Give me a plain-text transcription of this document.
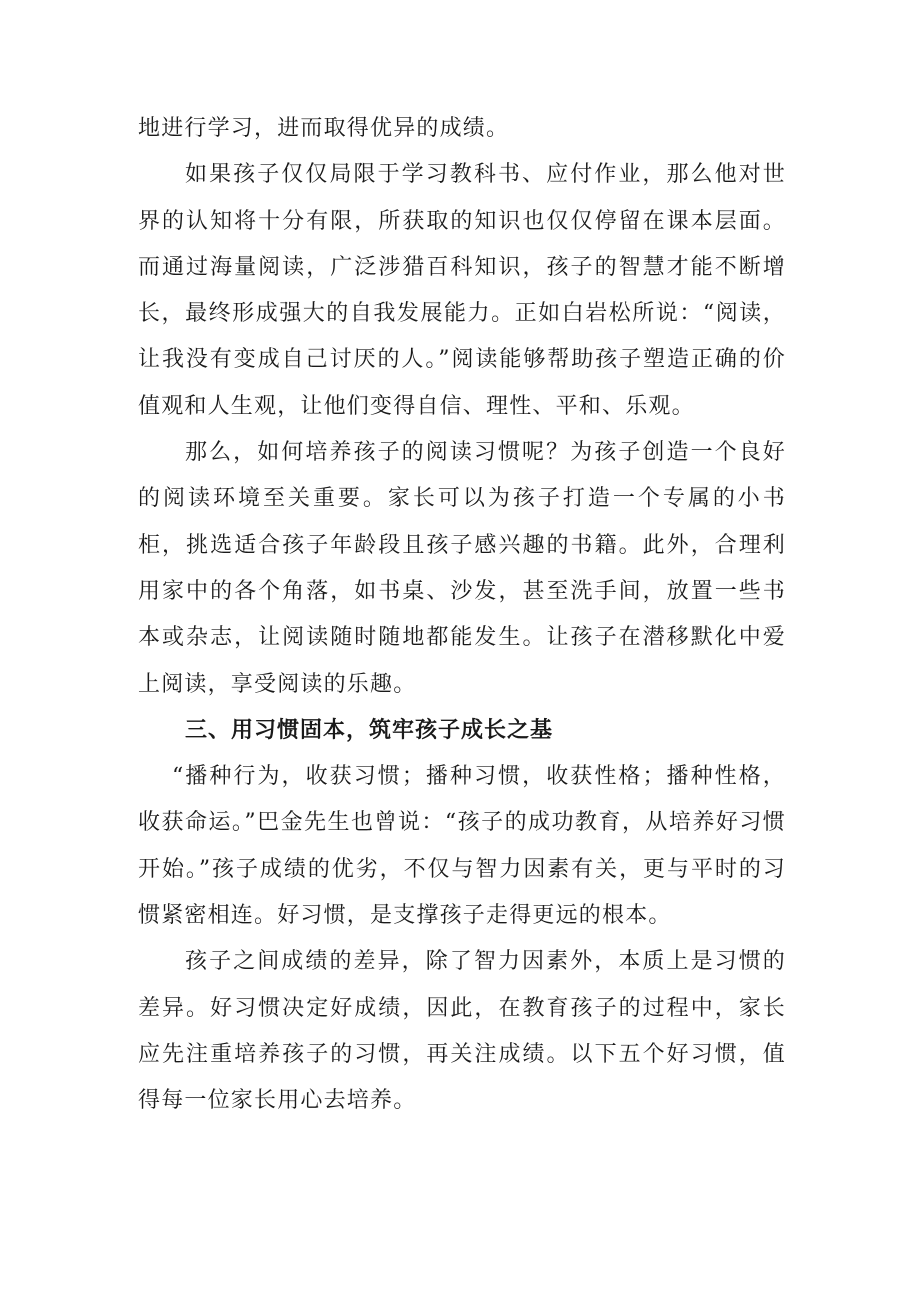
地进行学习，进而取得优异的成绩。

如果孩子仅仅局限于学习教科书、应付作业，那么他对世界的认知将十分有限，所获取的知识也仅仅停留在课本层面。而通过海量阅读，广泛涉猎百科知识，孩子的智慧才能不断增长，最终形成强大的自我发展能力。正如白岩松所说：“阅读，让我没有变成自己讨厌的人。”阅读能够帮助孩子塑造正确的价值观和人生观，让他们变得自信、理性、平和、乐观。

那么，如何培养孩子的阅读习惯呢？为孩子创造一个良好的阅读环境至关重要。家长可以为孩子打造一个专属的小书柜，挑选适合孩子年龄段且孩子感兴趣的书籍。此外，合理利用家中的各个角落，如书桌、沙发，甚至洗手间，放置一些书本或杂志，让阅读随时随地都能发生。让孩子在潜移默化中爱上阅读，享受阅读的乐趣。

三、用习惯固本，筑牢孩子成长之基

“播种行为，收获习惯；播种习惯，收获性格；播种性格，收获命运。”巴金先生也曾说：“孩子的成功教育，从培养好习惯开始。”孩子成绩的优劣，不仅与智力因素有关，更与平时的习惯紧密相连。好习惯，是支撑孩子走得更远的根本。

孩子之间成绩的差异，除了智力因素外，本质上是习惯的差异。好习惯决定好成绩，因此，在教育孩子的过程中，家长应先注重培养孩子的习惯，再关注成绩。以下五个好习惯，值得每一位家长用心去培养。
